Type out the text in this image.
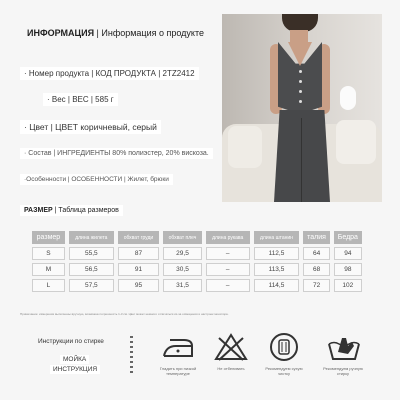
ИНФОРМАЦИЯ | Информация о продукте
· Номер продукта | КОД ПРОДУКТА | 2TZ2412
· Вес | ВЕС | 585 г
· Цвет | ЦВЕТ коричневый, серый
· Состав | ИНГРЕДИЕНТЫ 80% полиэстер, 20% вискоза.
·Особенности | ОСОБЕННОСТИ | Жилет, брюки
РАЗМЕР | Таблица размеров
размер	длина жилета	обхват груди	обхват плеч	длина рукава	длина штанин	талия	Бедра
S	55,5	87	29,5	–	112,5	64	94
M	56,5	91	30,5	–	113,5	68	98
L	57,5	95	31,5	–	114,5	72	102
Примечание: измерения выполнены вручную, возможна погрешность 1-3 см. Цвет может немного отличаться из-за освещения и настроек монитора.
Инструкции по стирке
МОЙКА
ИНСТРУКЦИЯ	Гладить при низкой температуре
Не отбеливать	Рекомендуем сухую чистку
Рекомендуем ручную стирку
